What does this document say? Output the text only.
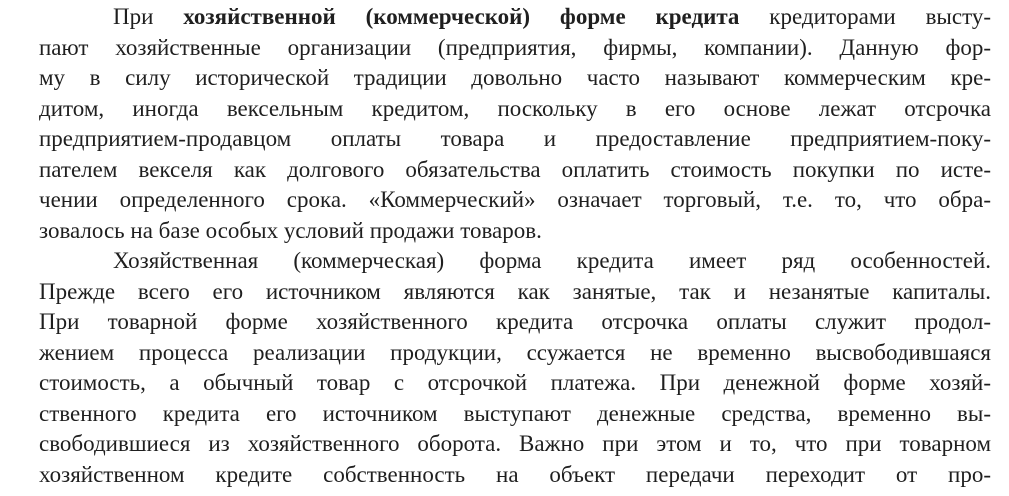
При хозяйственной (коммерческой) форме кредита кредиторами высту-
пают хозяйственные организации (предприятия, фирмы, компании). Данную фор-
му в силу исторической традиции довольно часто называют коммерческим кре-
дитом, иногда вексельным кредитом, поскольку в его основе лежат отсрочка
предприятием-продавцом оплаты товара и предоставление предприятием-поку-
пателем векселя как долгового обязательства оплатить стоимость покупки по исте-
чении определенного срока. «Коммерческий» означает торговый, т.е. то, что обра-
зовалось на базе особых условий продажи товаров.
Хозяйственная (коммерческая) форма кредита имеет ряд особенностей.
Прежде всего его источником являются как занятые, так и незанятые капиталы.
При товарной форме хозяйственного кредита отсрочка оплаты служит продол-
жением процесса реализации продукции, ссужается не временно высвободившаяся
стоимость, а обычный товар с отсрочкой платежа. При денежной форме хозяй-
ственного кредита его источником выступают денежные средства, временно вы-
свободившиеся из хозяйственного оборота. Важно при этом и то, что при товарном
хозяйственном кредите собственность на объект передачи переходит от про-
